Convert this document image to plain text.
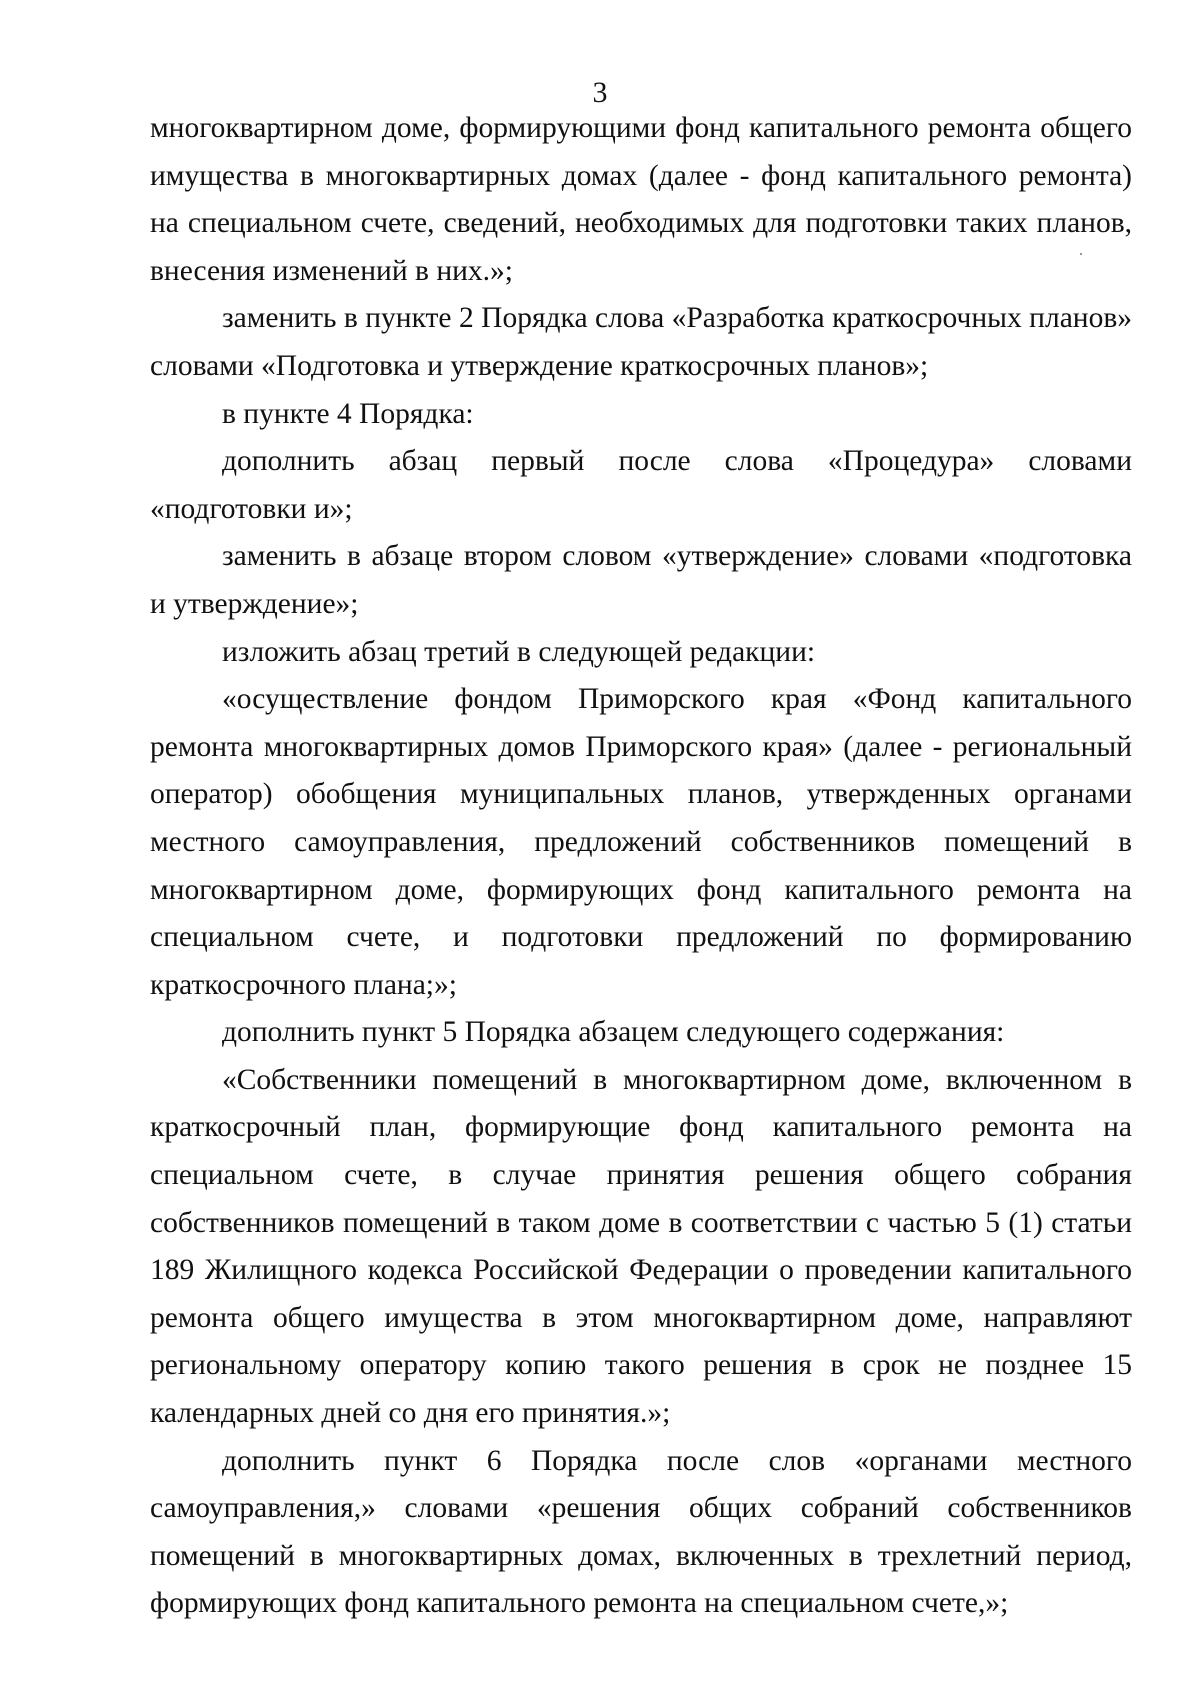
3

многоквартирном доме, формирующими фонд капитального ремонта общего имущества в многоквартирных домах (далее - фонд капитального ремонта) на специальном счете, сведений, необходимых для подготовки таких планов, внесения изменений в них.»;

заменить в пункте 2 Порядка слова «Разработка краткосрочных планов» словами «Подготовка и утверждение краткосрочных планов»;

в пункте 4 Порядка:

дополнить абзац первый после слова «Процедура» словами «подготовки и»;

заменить в абзаце втором словом «утверждение» словами «подготовка и утверждение»;

изложить абзац третий в следующей редакции:

«осуществление фондом Приморского края «Фонд капитального ремонта многоквартирных домов Приморского края» (далее - региональный оператор) обобщения муниципальных планов, утвержденных органами местного самоуправления, предложений собственников помещений в многоквартирном доме, формирующих фонд капитального ремонта на специальном счете, и подготовки предложений по формированию краткосрочного плана;»;

дополнить пункт 5 Порядка абзацем следующего содержания:

«Собственники помещений в многоквартирном доме, включенном в краткосрочный план, формирующие фонд капитального ремонта на специальном счете, в случае принятия решения общего собрания собственников помещений в таком доме в соответствии с частью 5 (1) статьи 189 Жилищного кодекса Российской Федерации о проведении капитального ремонта общего имущества в этом многоквартирном доме, направляют региональному оператору копию такого решения в срок не позднее 15 календарных дней со дня его принятия.»;

дополнить пункт 6 Порядка после слов «органами местного самоуправления,» словами «решения общих собраний собственников помещений в многоквартирных домах, включенных в трехлетний период, формирующих фонд капитального ремонта на специальном счете,»;
